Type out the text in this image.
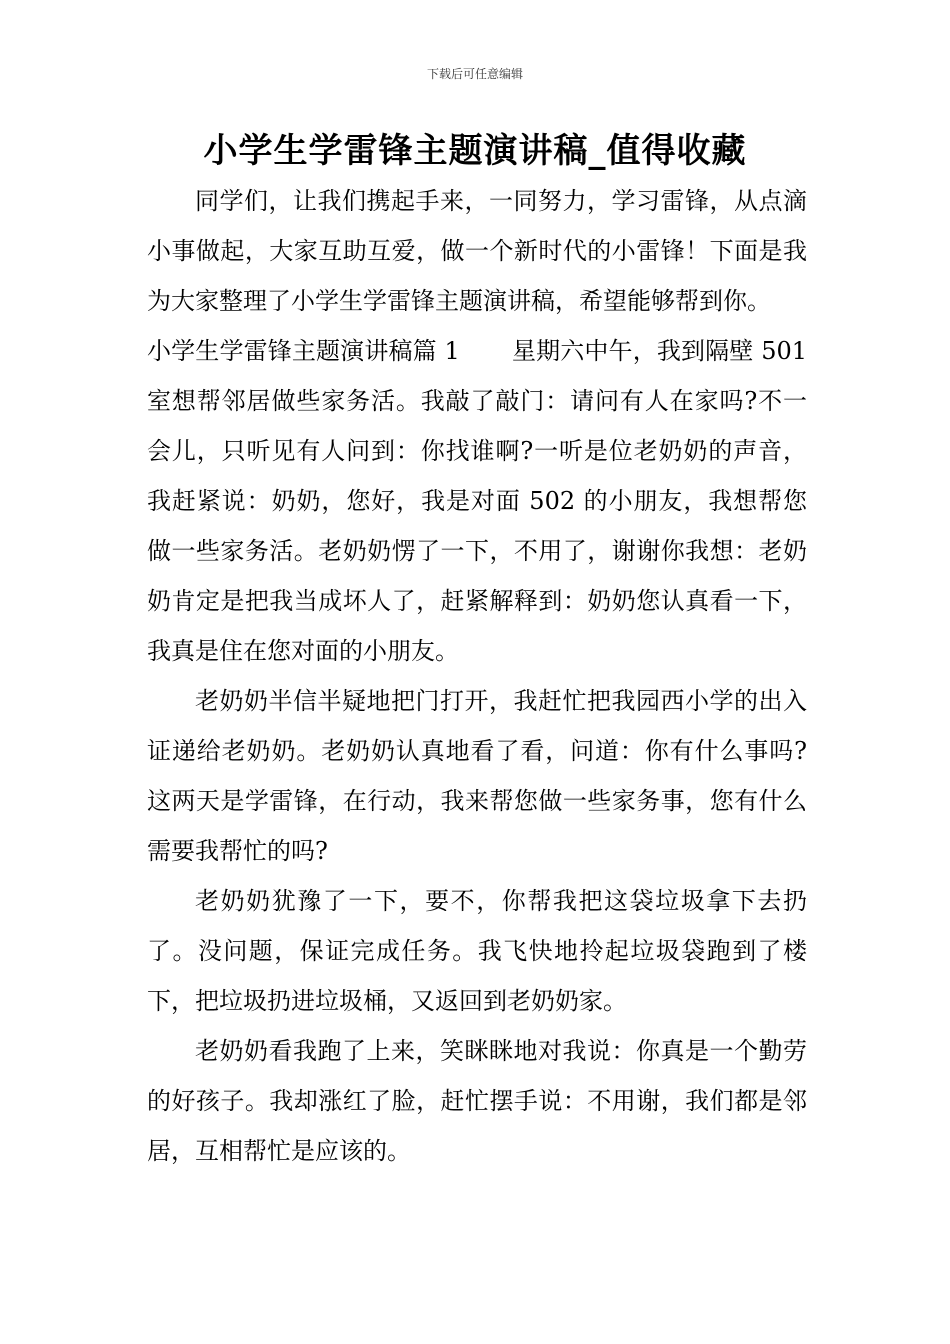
下载后可任意编辑
小学生学雷锋主题演讲稿_值得收藏

同学们，让我们携起手来，一同努力，学习雷锋，从点滴小事做起，大家互助互爱，做一个新时代的小雷锋！下面是我为大家整理了小学生学雷锋主题演讲稿，希望能够帮到你。

小学生学雷锋主题演讲稿篇 1 星期六中午，我到隔壁 501 室想帮邻居做些家务活。我敲了敲门：请问有人在家吗?不一会儿，只听见有人问到：你找谁啊?一听是位老奶奶的声音，我赶紧说：奶奶，您好，我是对面 502 的小朋友，我想帮您做一些家务活。老奶奶愣了一下，不用了，谢谢你我想：老奶奶肯定是把我当成坏人了，赶紧解释到：奶奶您认真看一下，我真是住在您对面的小朋友。

老奶奶半信半疑地把门打开，我赶忙把我园西小学的出入证递给老奶奶。老奶奶认真地看了看，问道：你有什么事吗?这两天是学雷锋，在行动，我来帮您做一些家务事，您有什么需要我帮忙的吗?

老奶奶犹豫了一下，要不，你帮我把这袋垃圾拿下去扔了。没问题，保证完成任务。我飞快地拎起垃圾袋跑到了楼下，把垃圾扔进垃圾桶，又返回到老奶奶家。

老奶奶看我跑了上来，笑眯眯地对我说：你真是一个勤劳的好孩子。我却涨红了脸，赶忙摆手说：不用谢，我们都是邻居，互相帮忙是应该的。
